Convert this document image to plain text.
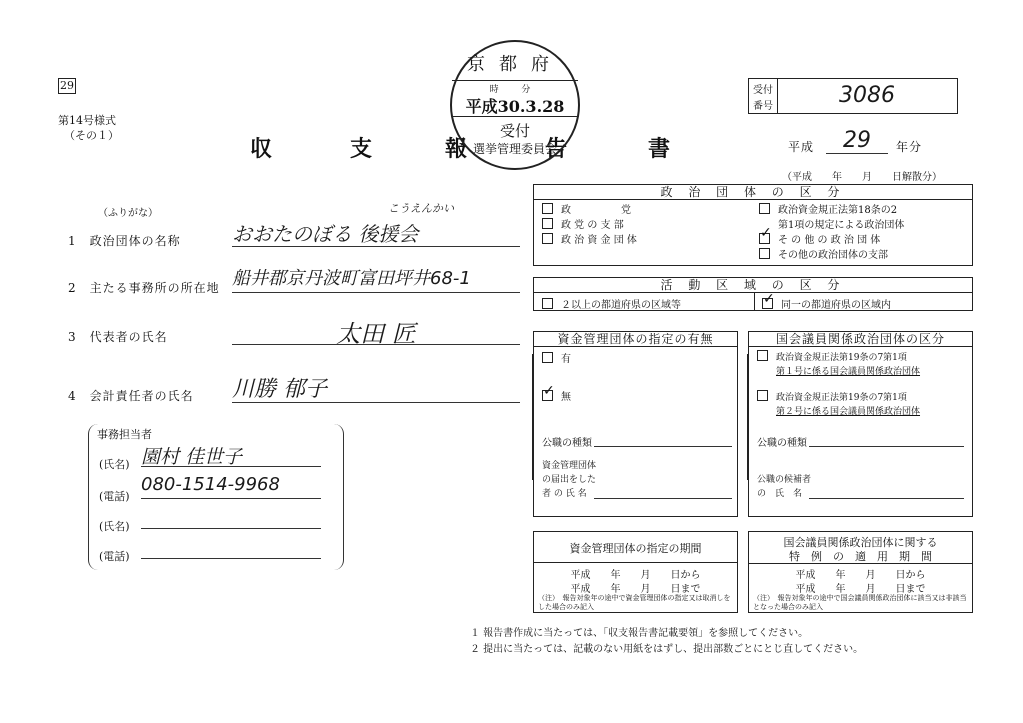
29
第14号様式
（その１）
収	支	報	告	書
京都府
時 分
平成30.3.28
受付
選挙管理委員会
受付
番号	3086
平成	29	年分
（平成　　年　　月　　日解散分）
（ふりがな）	こうえんかい
1　政治団体の名称	おおたのぼる 後援会
2　主たる事務所の所在地 船井郡京丹波町富田坪井68-1
3　代表者の氏名	太田 匠
4　会計責任者の氏名 川勝 郁子
事務担当者
(氏名) 園村 佳世子
(電話)
080-1514-9968
(氏名)
(電話)
政 治 団 体 の 区 分
政　　　　　党
政 党 の 支 部
政 治 資 金 団 体
政治資金規正法第18条の2
第1項の規定による政治団体
✓そ の 他 の 政 治 団 体
その他の政治団体の支部
活 動 区 域 の 区 分
２以上の都道府県の区域等
✓	同一の都道府県の区域内
資金管理団体の指定の有無
有
✓無
公職の種類
資金管理団体
の届出をした
者 の 氏 名
国会議員関係政治団体の区分
政治資金規正法第19条の7第1項
第１号に係る国会議員関係政治団体
政治資金規正法第19条の7第1項
第２号に係る国会議員関係政治団体
公職の種類
公職の候補者
の　氏　名
資金管理団体の指定の期間
平成　　年　　月　　日から
平成　　年　　月　　日まで
（注）　報告対象年の途中で資金管理団体の指定又は取消しをした場合のみ記入
国会議員関係政治団体に関する
特　例　の　適　用　期　間
平成　　年　　月　　日から
平成　　年　　月　　日まで
（注）　報告対象年の途中で国会議員関係政治団体に該当又は非該当となった場合のみ記入
１ 報告書作成に当たっては、「収支報告書記載要領」を参照してください。
２ 提出に当たっては、記載のない用紙をはずし、提出部数ごとにとじ直してください。
